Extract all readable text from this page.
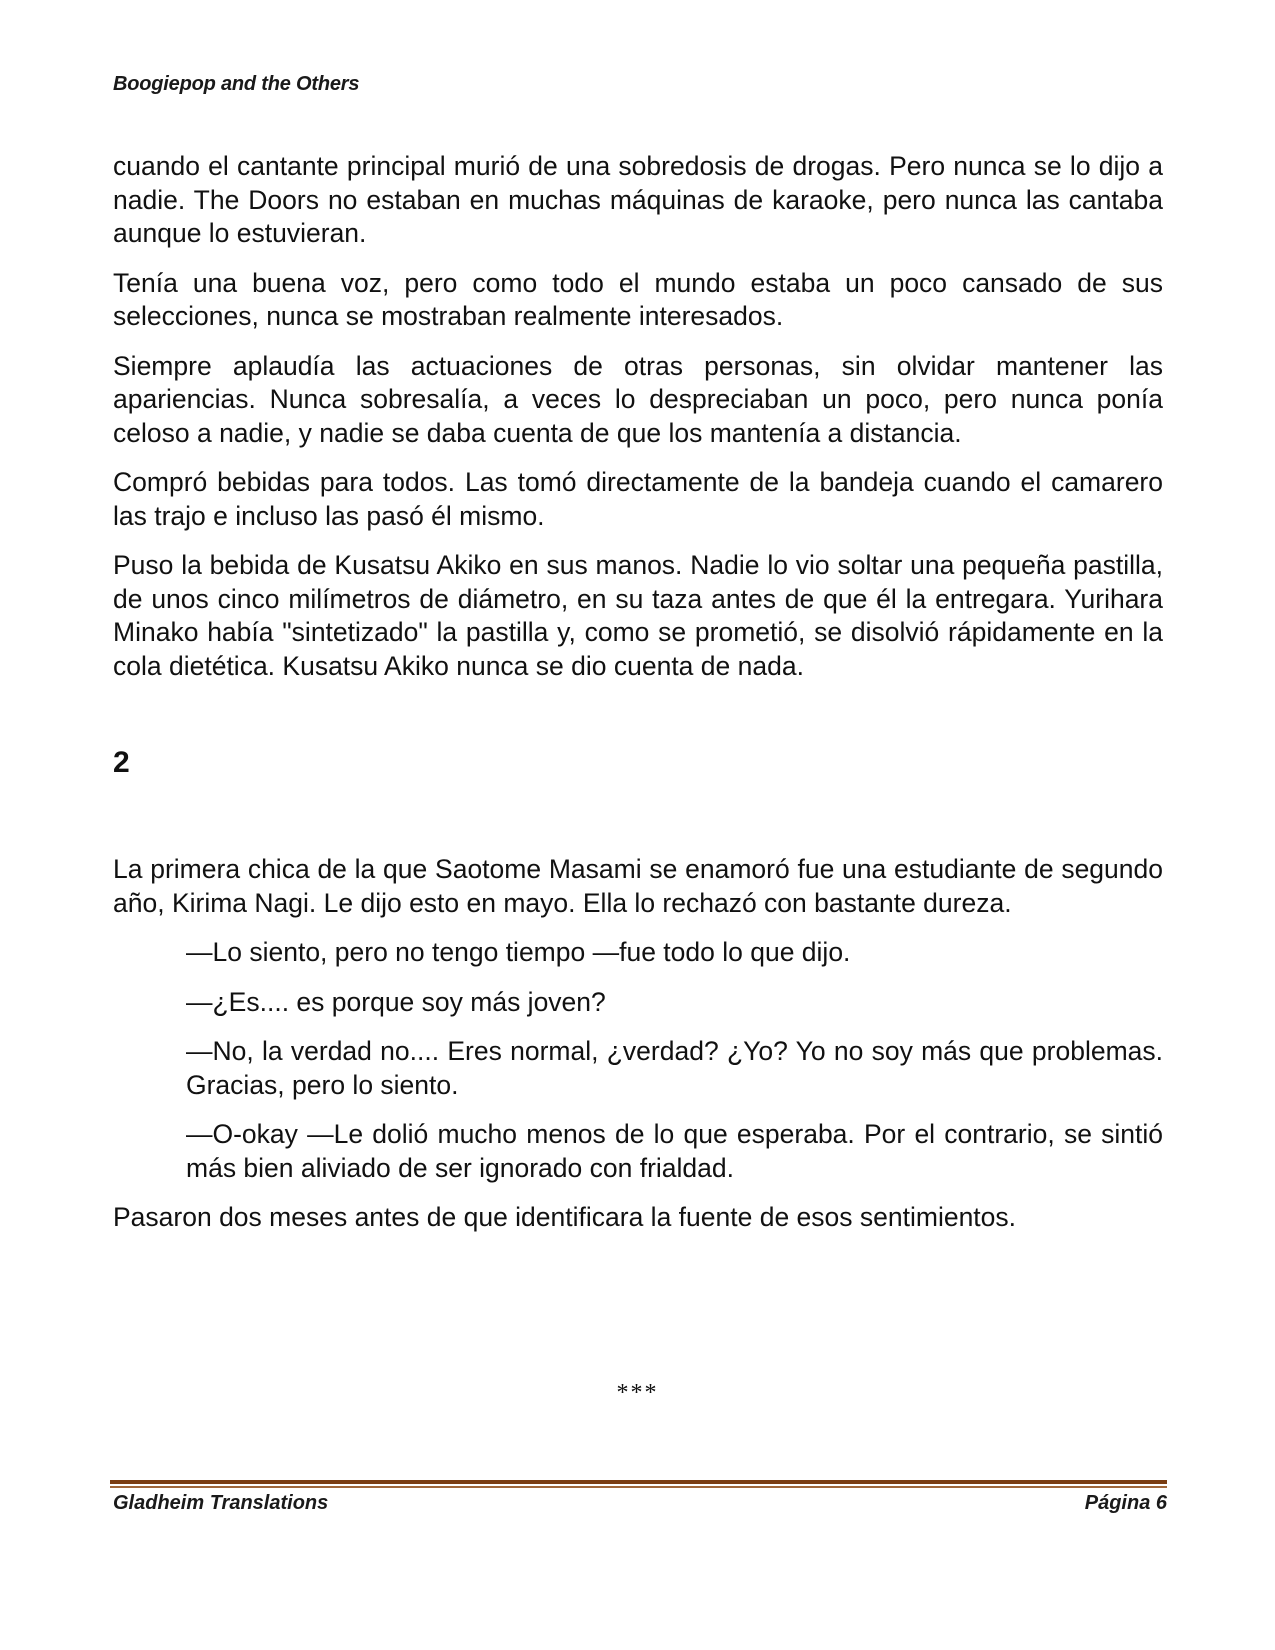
Boogiepop and the Others

cuando el cantante principal murió de una sobredosis de drogas. Pero nunca se lo dijo a nadie. The Doors no estaban en muchas máquinas de karaoke, pero nunca las cantaba aunque lo estuvieran.

Tenía una buena voz, pero como todo el mundo estaba un poco cansado de sus selecciones, nunca se mostraban realmente interesados.

Siempre aplaudía las actuaciones de otras personas, sin olvidar mantener las apariencias. Nunca sobresalía, a veces lo despreciaban un poco, pero nunca ponía celoso a nadie, y nadie se daba cuenta de que los mantenía a distancia.

Compró bebidas para todos. Las tomó directamente de la bandeja cuando el camarero las trajo e incluso las pasó él mismo.

Puso la bebida de Kusatsu Akiko en sus manos. Nadie lo vio soltar una pequeña pastilla, de unos cinco milímetros de diámetro, en su taza antes de que él la entregara. Yurihara Minako había "sintetizado" la pastilla y, como se prometió, se disolvió rápidamente en la cola dietética. Kusatsu Akiko nunca se dio cuenta de nada.

2

La primera chica de la que Saotome Masami se enamoró fue una estudiante de segundo año, Kirima Nagi. Le dijo esto en mayo. Ella lo rechazó con bastante dureza.

—Lo siento, pero no tengo tiempo —fue todo lo que dijo.

—¿Es.... es porque soy más joven?

—No, la verdad no.... Eres normal, ¿verdad? ¿Yo? Yo no soy más que problemas. Gracias, pero lo siento.

—O-okay —Le dolió mucho menos de lo que esperaba. Por el contrario, se sintió más bien aliviado de ser ignorado con frialdad.

Pasaron dos meses antes de que identificara la fuente de esos sentimientos.

***
Gladheim Translations	Página 6
